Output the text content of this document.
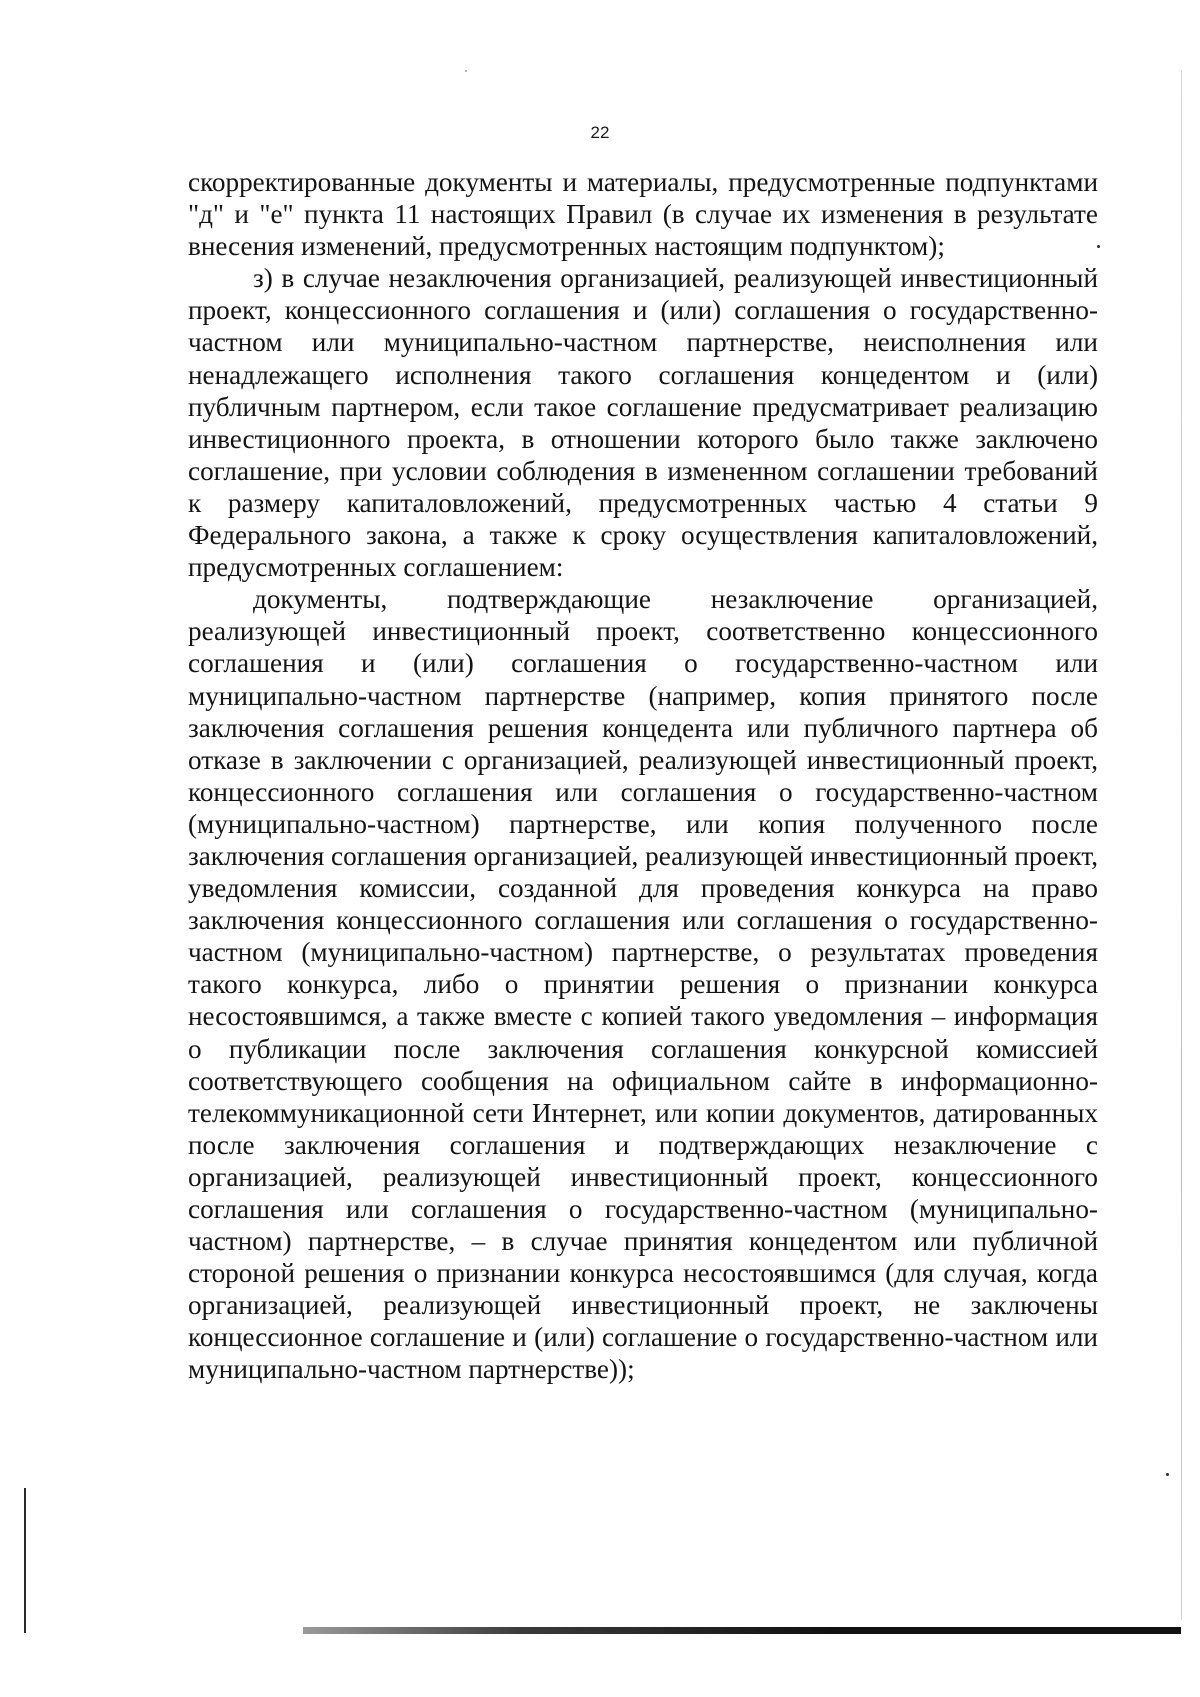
22

скорректированные документы и материалы, предусмотренные подпунктами "д" и "е" пункта 11 настоящих Правил (в случае их изменения в результате внесения изменений, предусмотренных настоящим подпунктом);

з) в случае незаключения организацией, реализующей инвестиционный проект, концессионного соглашения и (или) соглашения о государственно-частном или муниципально-частном партнерстве, неисполнения или ненадлежащего исполнения такого соглашения концедентом и (или) публичным партнером, если такое соглашение предусматривает реализацию инвестиционного проекта, в отношении которого было также заключено соглашение, при условии соблюдения в измененном соглашении требований к размеру капиталовложений, предусмотренных частью 4 статьи 9 Федерального закона, а также к сроку осуществления капиталовложений, предусмотренных соглашением:

документы, подтверждающие незаключение организацией, реализующей инвестиционный проект, соответственно концессионного соглашения и (или) соглашения о государственно-частном или муниципально-частном партнерстве (например, копия принятого после заключения соглашения решения концедента или публичного партнера об отказе в заключении с организацией, реализующей инвестиционный проект, концессионного соглашения или соглашения о государственно-частном (муниципально-частном) партнерстве, или копия полученного после заключения соглашения организацией, реализующей инвестиционный проект, уведомления комиссии, созданной для проведения конкурса на право заключения концессионного соглашения или соглашения о государственно-частном (муниципально-частном) партнерстве, о результатах проведения такого конкурса, либо о принятии решения о признании конкурса несостоявшимся, а также вместе с копией такого уведомления – информация о публикации после заключения соглашения конкурсной комиссией соответствующего сообщения на официальном сайте в информационно-телекоммуникационной сети Интернет, или копии документов, датированных после заключения соглашения и подтверждающих незаключение с организацией, реализующей инвестиционный проект, концессионного соглашения или соглашения о государственно-частном (муниципально-частном) партнерстве, – в случае принятия концедентом или публичной стороной решения о признании конкурса несостоявшимся (для случая, когда организацией, реализующей инвестиционный проект, не заключены концессионное соглашение и (или) соглашение о государственно-частном или муниципально-частном партнерстве));
